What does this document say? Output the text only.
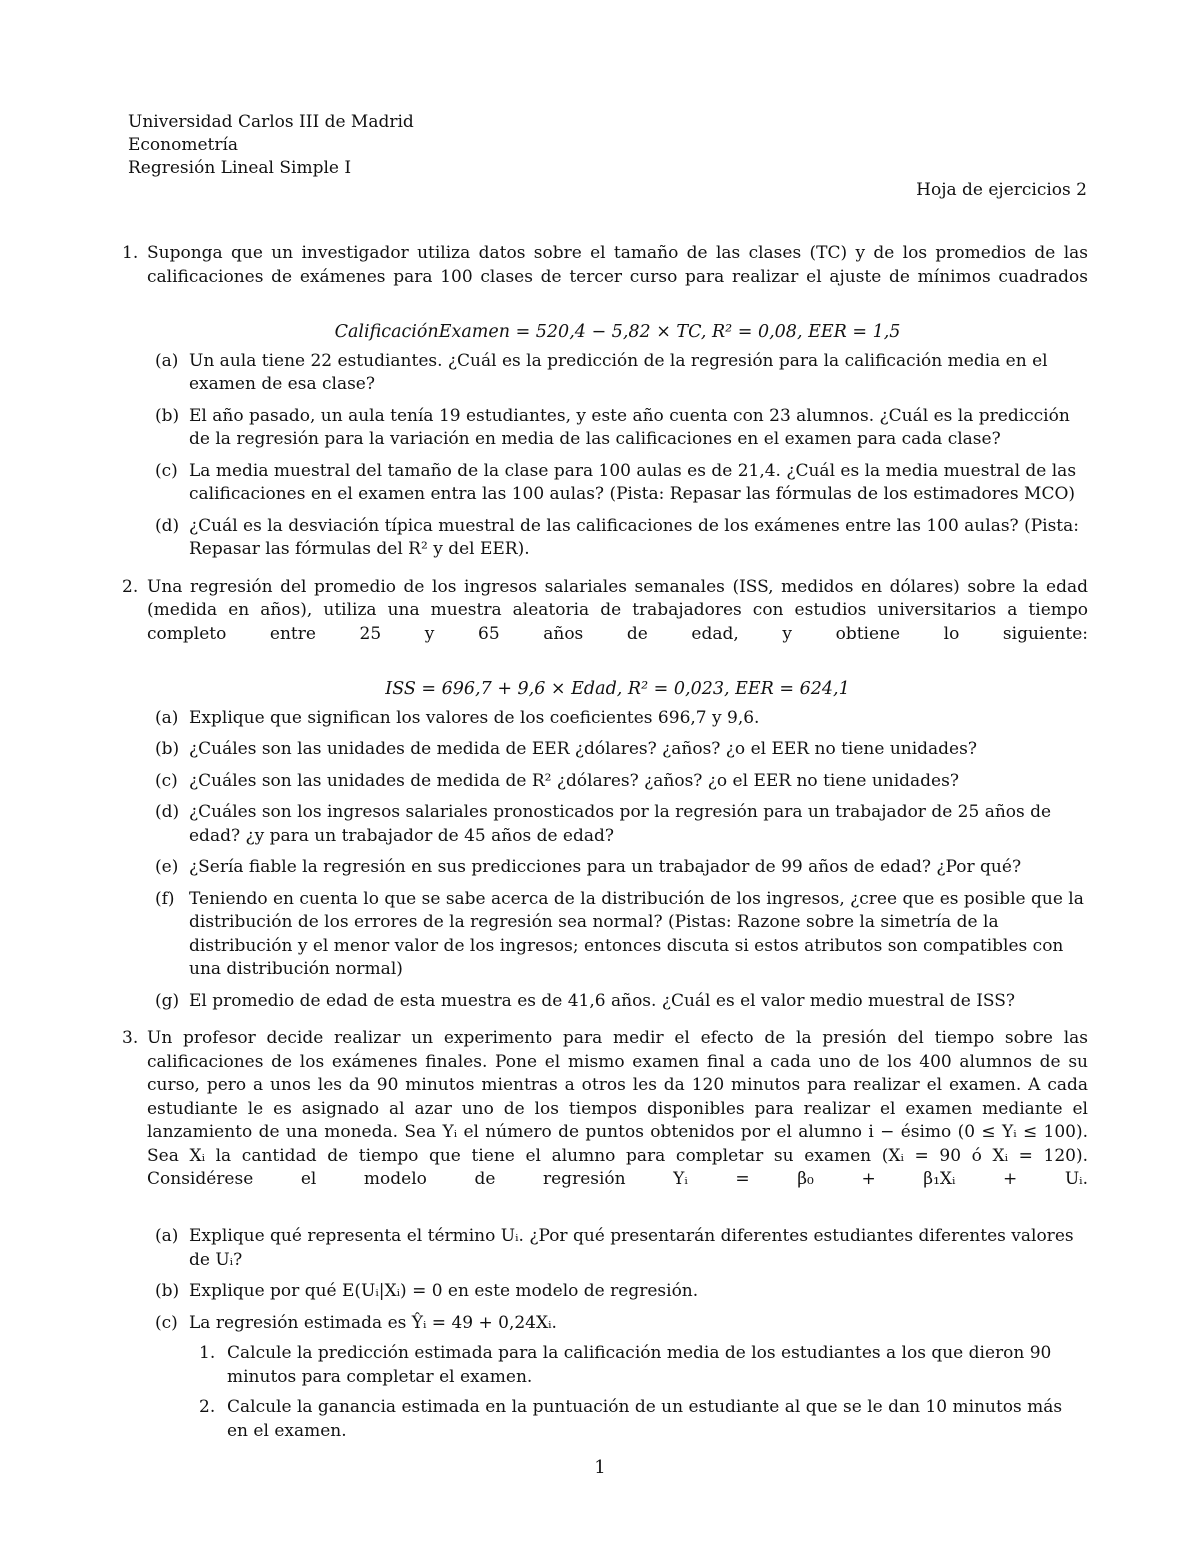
Universidad Carlos III de Madrid
Econometría
Regresión Lineal Simple I
Hoja de ejercicios 2
1. Suponga que un investigador utiliza datos sobre el tamaño de las clases (TC) y de los promedios de las calificaciones de exámenes para 100 clases de tercer curso para realizar el ajuste de mínimos cuadrados
CalificaciónExamen = 520,4 − 5,82 × TC, R² = 0,08, EER = 1,5
(a) Un aula tiene 22 estudiantes. ¿Cuál es la predicción de la regresión para la calificación media en el examen de esa clase?
(b) El año pasado, un aula tenía 19 estudiantes, y este año cuenta con 23 alumnos. ¿Cuál es la predicción de la regresión para la variación en media de las calificaciones en el examen para cada clase?
(c) La media muestral del tamaño de la clase para 100 aulas es de 21,4. ¿Cuál es la media muestral de las calificaciones en el examen entra las 100 aulas? (Pista: Repasar las fórmulas de los estimadores MCO)
(d) ¿Cuál es la desviación típica muestral de las calificaciones de los exámenes entre las 100 aulas? (Pista: Repasar las fórmulas del R² y del EER).
2. Una regresión del promedio de los ingresos salariales semanales (ISS, medidos en dólares) sobre la edad (medida en años), utiliza una muestra aleatoria de trabajadores con estudios universitarios a tiempo completo entre 25 y 65 años de edad, y obtiene lo siguiente:
ISS = 696,7 + 9,6 × Edad, R² = 0,023, EER = 624,1
(a) Explique que significan los valores de los coeficientes 696,7 y 9,6.
(b) ¿Cuáles son las unidades de medida de EER ¿dólares? ¿años? ¿o el EER no tiene unidades?
(c) ¿Cuáles son las unidades de medida de R² ¿dólares? ¿años? ¿o el EER no tiene unidades?
(d) ¿Cuáles son los ingresos salariales pronosticados por la regresión para un trabajador de 25 años de edad? ¿y para un trabajador de 45 años de edad?
(e) ¿Sería fiable la regresión en sus predicciones para un trabajador de 99 años de edad? ¿Por qué?
(f) Teniendo en cuenta lo que se sabe acerca de la distribución de los ingresos, ¿cree que es posible que la distribución de los errores de la regresión sea normal? (Pistas: Razone sobre la simetría de la distribución y el menor valor de los ingresos; entonces discuta si estos atributos son compatibles con una distribución normal)
(g) El promedio de edad de esta muestra es de 41,6 años. ¿Cuál es el valor medio muestral de ISS?
3. Un profesor decide realizar un experimento para medir el efecto de la presión del tiempo sobre las calificaciones de los exámenes finales. Pone el mismo examen final a cada uno de los 400 alumnos de su curso, pero a unos les da 90 minutos mientras a otros les da 120 minutos para realizar el examen. A cada estudiante le es asignado al azar uno de los tiempos disponibles para realizar el examen mediante el lanzamiento de una moneda. Sea Yᵢ el número de puntos obtenidos por el alumno i − ésimo (0 ≤ Yᵢ ≤ 100). Sea Xᵢ la cantidad de tiempo que tiene el alumno para completar su examen (Xᵢ = 90 ó Xᵢ = 120). Considérese el modelo de regresión Yᵢ = β₀ + β₁Xᵢ + Uᵢ.
(a) Explique qué representa el término Uᵢ. ¿Por qué presentarán diferentes estudiantes diferentes valores de Uᵢ?
(b) Explique por qué E(Uᵢ|Xᵢ) = 0 en este modelo de regresión.
(c) La regresión estimada es Ŷᵢ = 49 + 0,24Xᵢ.
1. Calcule la predicción estimada para la calificación media de los estudiantes a los que dieron 90 minutos para completar el examen.
2. Calcule la ganancia estimada en la puntuación de un estudiante al que se le dan 10 minutos más en el examen.
1
